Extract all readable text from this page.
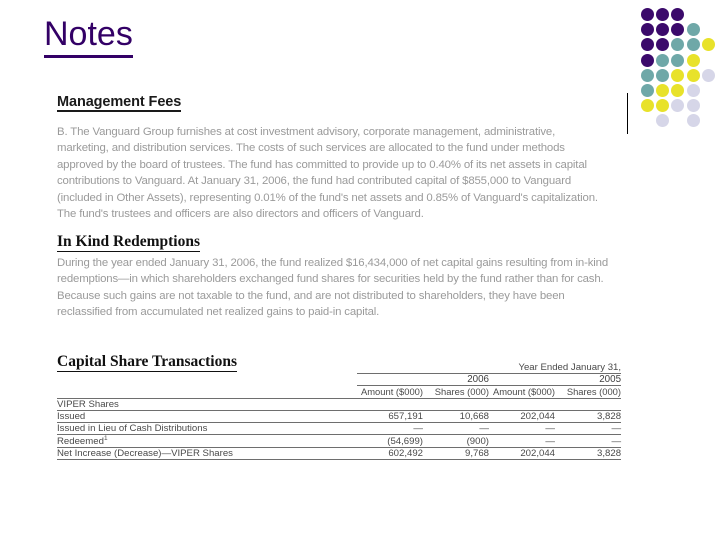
Notes
Management Fees
B. The Vanguard Group furnishes at cost investment advisory, corporate management, administrative, marketing, and distribution services. The costs of such services are allocated to the fund under methods approved by the board of trustees. The fund has committed to provide up to 0.40% of its net assets in capital contributions to Vanguard. At January 31, 2006, the fund had contributed capital of $855,000 to Vanguard (included in Other Assets), representing 0.01% of the fund's net assets and 0.85% of Vanguard's capitalization. The fund's trustees and officers are also directors and officers of Vanguard.
In Kind Redemptions
During the year ended January 31, 2006, the fund realized $16,434,000 of net capital gains resulting from in-kind redemptions—in which shareholders exchanged fund shares for securities held by the fund rather than for cash. Because such gains are not taxable to the fund, and are not distributed to shareholders, they have been reclassified from accumulated net realized gains to paid-in capital.
Capital Share Transactions
		Year Ended January 31,			

	2006		2005	

	Amount ($000)	Shares (000)	Amount ($000)	Shares (000)

VIPER Shares				

Issued	657,191	10,668	202,044	3,828

Issued in Lieu of Cash Distributions	—	—	—	—

Redeemed$^1$	(54,699)	(900)	—	—

Net Increase (Decrease)—VIPER Shares	602,492	9,768	202,044	3,828
